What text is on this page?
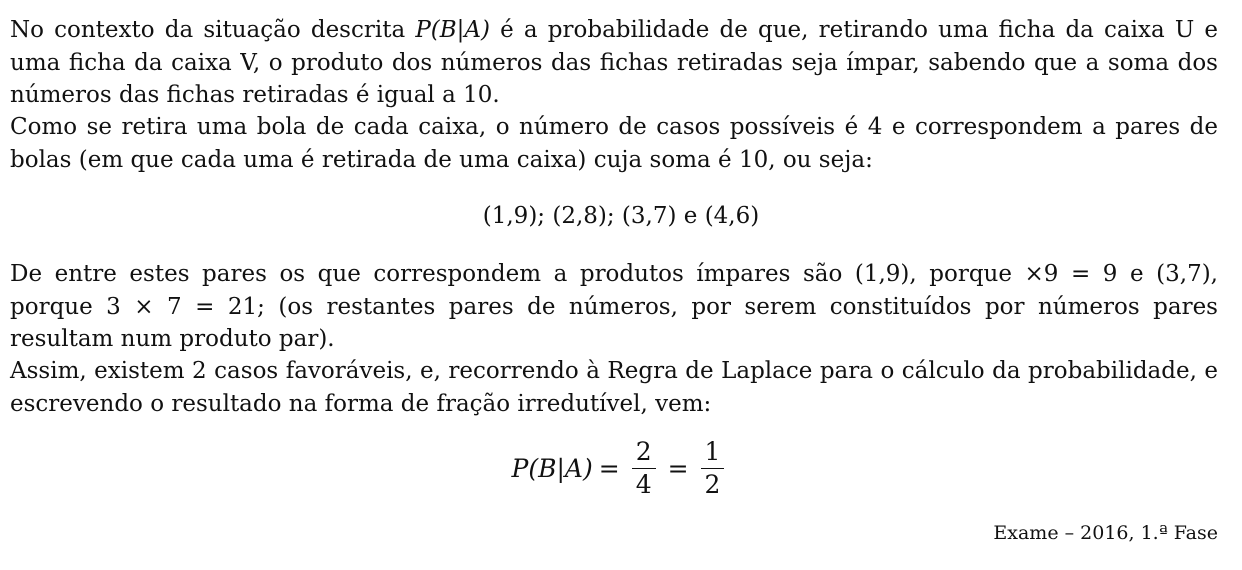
No contexto da situação descrita P(B|A) é a probabilidade de que, retirando uma ficha da caixa U e uma ficha da caixa V, o produto dos números das fichas retiradas seja ímpar, sabendo que a soma dos números das fichas retiradas é igual a 10.

Como se retira uma bola de cada caixa, o número de casos possíveis é 4 e correspondem a pares de bolas (em que cada uma é retirada de uma caixa) cuja soma é 10, ou seja:

(1,9); (2,8); (3,7) e (4,6)

De entre estes pares os que correspondem a produtos ímpares são (1,9), porque ×9 = 9 e (3,7), porque 3 × 7 = 21; (os restantes pares de números, por serem constituídos por números pares resultam num produto par).

Assim, existem 2 casos favoráveis, e, recorrendo à Regra de Laplace para o cálculo da probabilidade, e escrevendo o resultado na forma de fração irredutível, vem:

$P(B|A) = \frac{2}{4} = \frac{1}{2}$
Exame – 2016, 1.ª Fase
